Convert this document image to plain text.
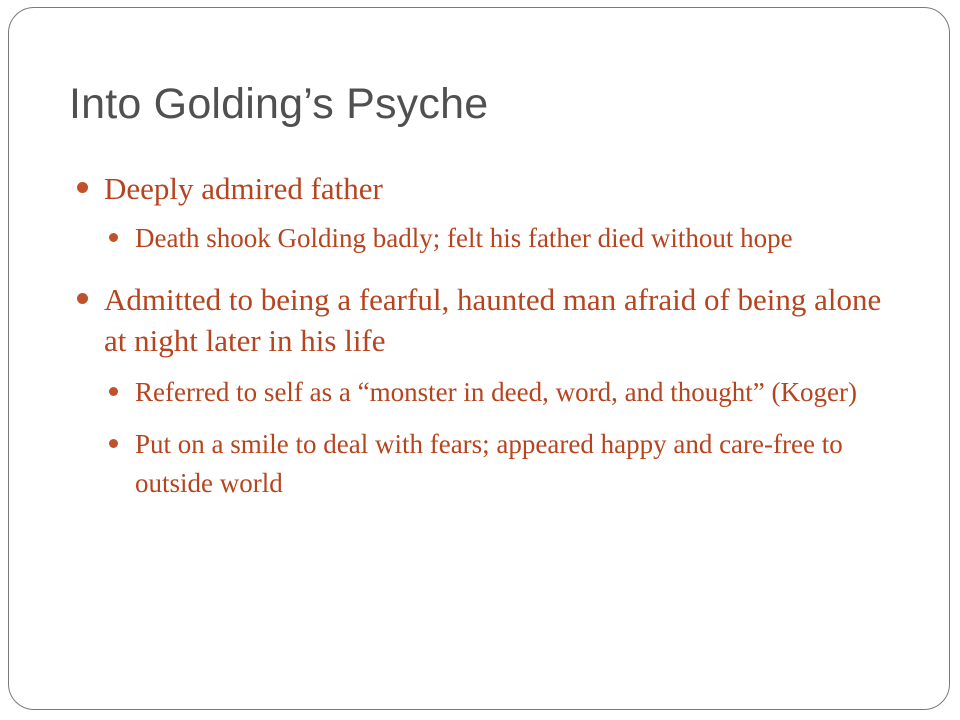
Into Golding’s Psyche
Deeply admired father
Death shook Golding badly; felt his father died without hope
Admitted to being a fearful, haunted man afraid of being alone at night later in his life
Referred to self as a “monster in deed, word, and thought” (Koger)
Put on a smile to deal with fears; appeared happy and care-free to outside world
